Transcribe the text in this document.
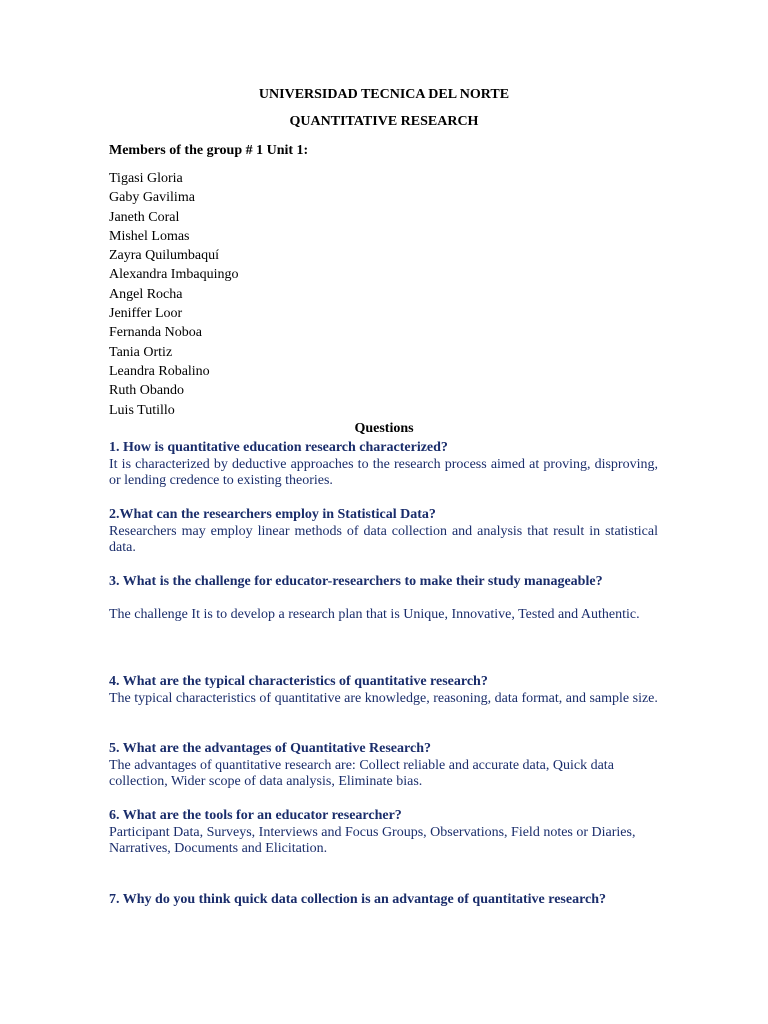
UNIVERSIDAD TECNICA DEL NORTE
QUANTITATIVE RESEARCH
Members of the group # 1 Unit 1:
Tigasi Gloria
Gaby Gavilima
Janeth Coral
Mishel Lomas
Zayra Quilumbaquí
Alexandra Imbaquingo
Angel Rocha
Jeniffer Loor
Fernanda Noboa
Tania Ortiz
Leandra Robalino
Ruth Obando
Luis Tutillo
Questions

1. How is quantitative education research characterized?

It is characterized by deductive approaches to the research process aimed at proving, disproving, or lending credence to existing theories.

2.What can the researchers employ in Statistical Data?

Researchers may employ linear methods of data collection and analysis that result in statistical data.

3. What is the challenge for educator-researchers to make their study manageable?

The challenge It is to develop a research plan that is Unique, Innovative, Tested and Authentic.

4. What are the typical characteristics of quantitative research?

The typical characteristics of quantitative are knowledge, reasoning, data format, and sample size.

5. What are the advantages of Quantitative Research?

The advantages of quantitative research are: Collect reliable and accurate data, Quick data collection, Wider scope of data analysis, Eliminate bias.

6. What are the tools for an educator researcher?

Participant Data, Surveys, Interviews and Focus Groups, Observations, Field notes or Diaries, Narratives, Documents and Elicitation.

7. Why do you think quick data collection is an advantage of quantitative research?
